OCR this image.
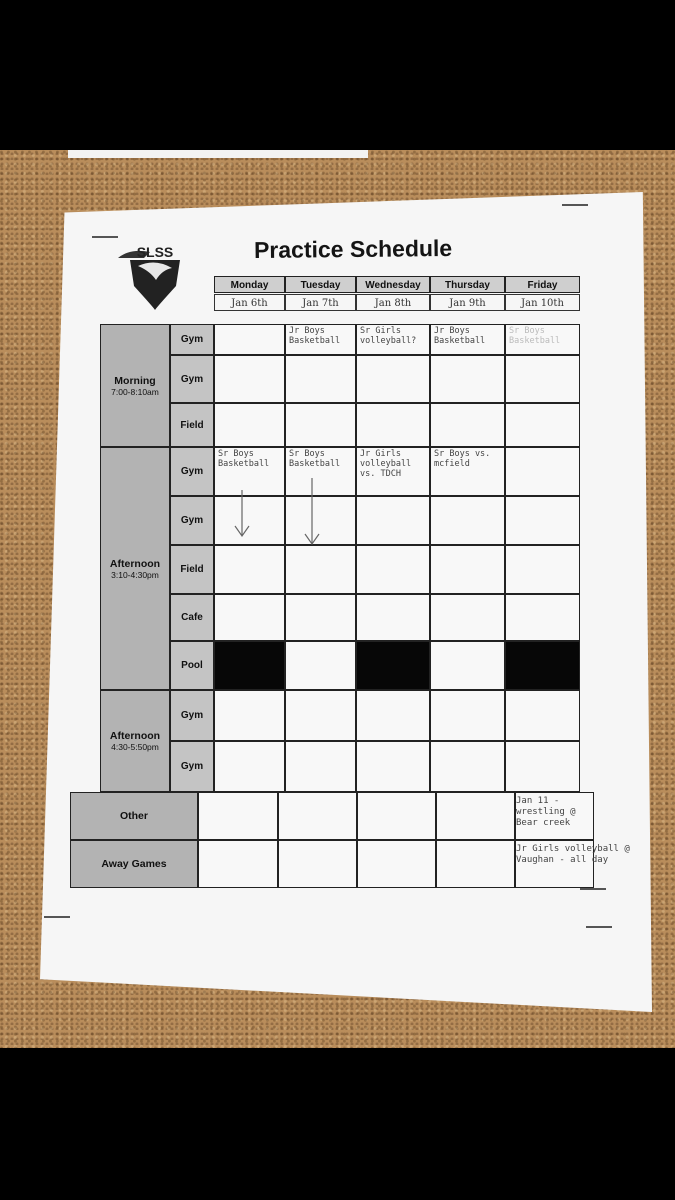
SLSS	Practice Schedule
Monday
Jan 6th
Tuesday
Jan 7th
Wednesday
Jan 8th
Thursday
Jan 9th
Friday
Jan 10th
Morning
7:00-8:10am
Afternoon
3:10-4:30pm
Afternoon
4:30-5:50pm
Gym
Jr Boys Basketball
Sr Girls volleyball?
Jr Boys Basketball
Sr Boys Basketball
Gym
Field
Gym
Sr Boys Basketball
Sr Boys Basketball
Jr Girls volleyball vs. TDCH
Sr Boys vs. mcfield
Gym
Field
Cafe
Pool
Gym
Gym
Other
Away Games
Jan 11 - wrestling @ Bear creek
Jr Girls volleyball @ Vaughan - all day
